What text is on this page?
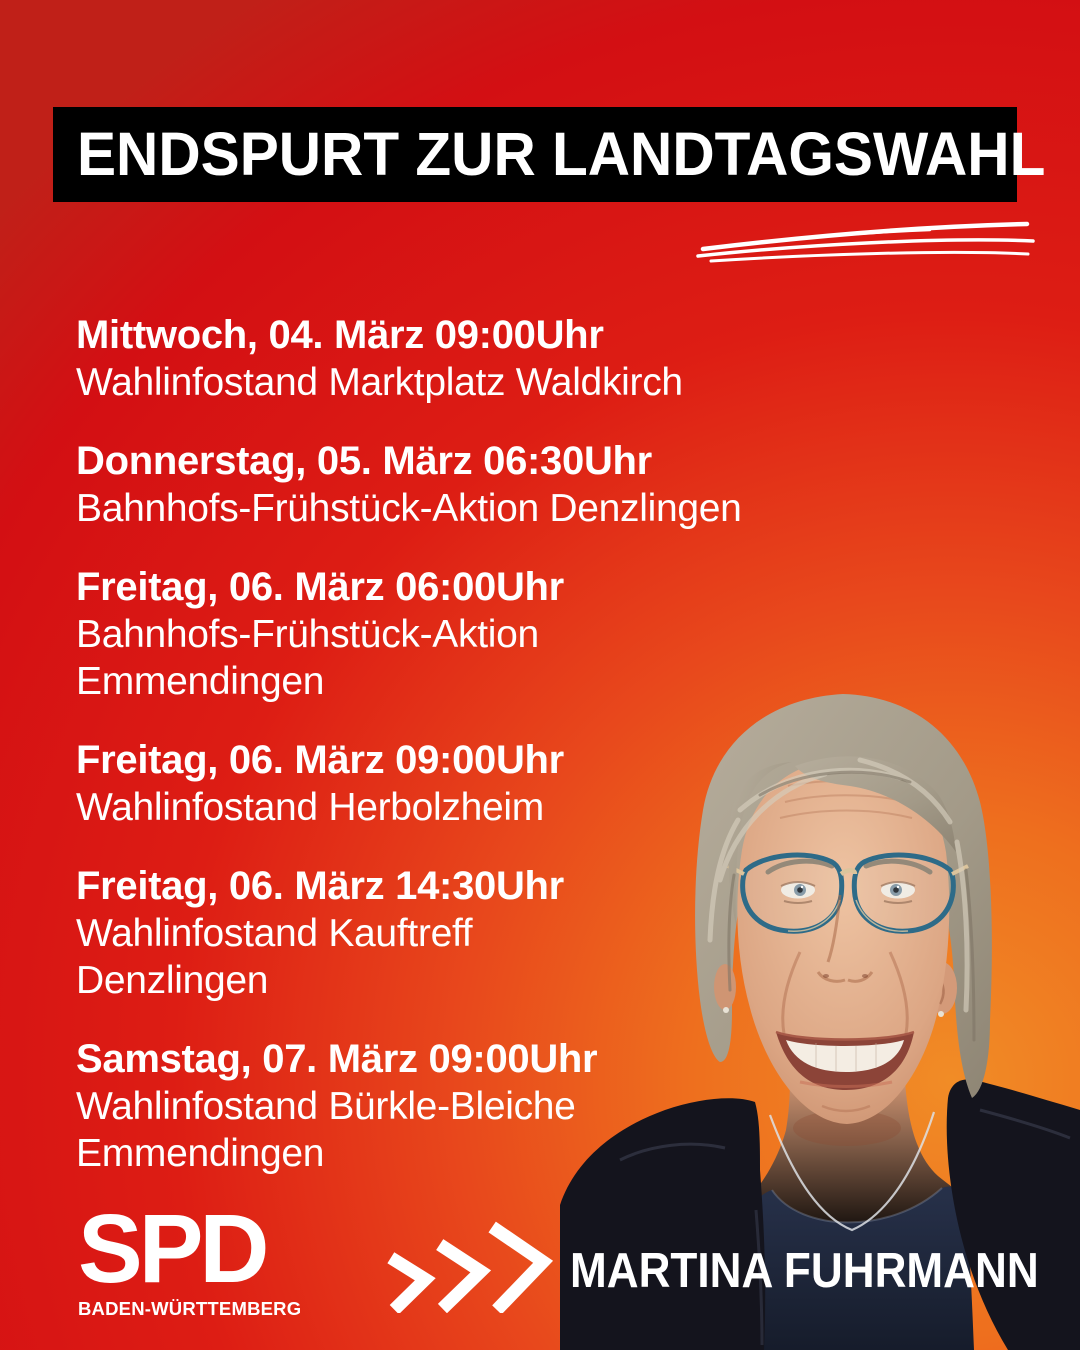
ENDSPURT ZUR LANDTAGSWAHL
Mittwoch, 04. März 09:00Uhr
Wahlinfostand Marktplatz Waldkirch
Donnerstag, 05. März 06:30Uhr
Bahnhofs-Frühstück-Aktion Denzlingen
Freitag, 06. März 06:00Uhr
Bahnhofs-Frühstück-Aktion Emmendingen
Freitag, 06. März 09:00Uhr
Wahlinfostand Herbolzheim
Freitag, 06. März 14:30Uhr
Wahlinfostand Kauftreff
Denzlingen
Samstag, 07. März 09:00Uhr
Wahlinfostand Bürkle-Bleiche
Emmendingen
SPD
BADEN-WÜRTTEMBERG
MARTINA FUHRMANN
